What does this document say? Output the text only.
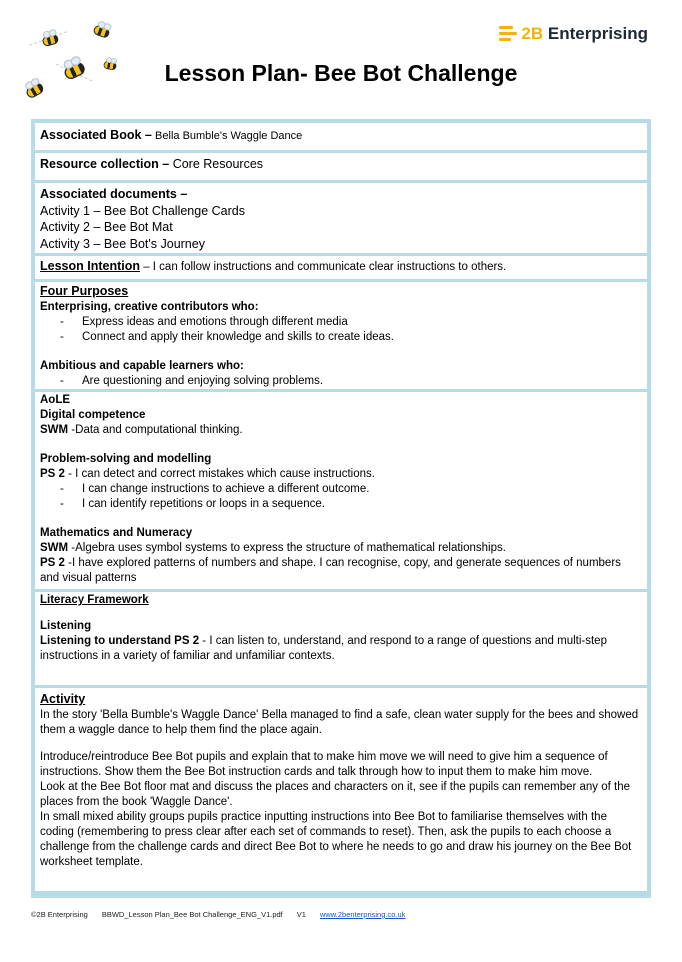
2B Enterprising
Lesson Plan- Bee Bot Challenge
Associated Book – Bella Bumble's Waggle Dance
Resource collection – Core Resources

Associated documents –

Activity 1 – Bee Bot Challenge Cards

Activity 2 – Bee Bot Mat

Activity 3 – Bee Bot's Journey

Lesson Intention – I can follow instructions and communicate clear instructions to others.

Four Purposes

Enterprising, creative contributors who:

- Express ideas and emotions through different media

- Connect and apply their knowledge and skills to create ideas.

Ambitious and capable learners who:

- Are questioning and enjoying solving problems.

AoLE

Digital competence

SWM -Data and computational thinking.

Problem-solving and modelling

PS 2 - I can detect and correct mistakes which cause instructions.

- I can change instructions to achieve a different outcome.

- I can identify repetitions or loops in a sequence.

Mathematics and Numeracy

SWM -Algebra uses symbol systems to express the structure of mathematical relationships.

PS 2 -I have explored patterns of numbers and shape. I can recognise, copy, and generate sequences of numbers and visual patterns

Literacy Framework

Listening

Listening to understand PS 2 - I can listen to, understand, and respond to a range of questions and multi-step instructions in a variety of familiar and unfamiliar contexts.

Activity

In the story 'Bella Bumble's Waggle Dance' Bella managed to find a safe, clean water supply for the bees and showed them a waggle dance to help them find the place again.

Introduce/reintroduce Bee Bot pupils and explain that to make him move we will need to give him a sequence of instructions. Show them the Bee Bot instruction cards and talk through how to input them to make him move.

Look at the Bee Bot floor mat and discuss the places and characters on it, see if the pupils can remember any of the places from the book 'Waggle Dance'.

In small mixed ability groups pupils practice inputting instructions into Bee Bot to familiarise themselves with the coding (remembering to press clear after each set of commands to reset). Then, ask the pupils to each choose a challenge from the challenge cards and direct Bee Bot to where he needs to go and draw his journey on the Bee Bot worksheet template.

©2B Enterprising BBWD_Lesson Plan_Bee Bot Challenge_ENG_V1.pdf V1 www.2benterprising.co.uk
